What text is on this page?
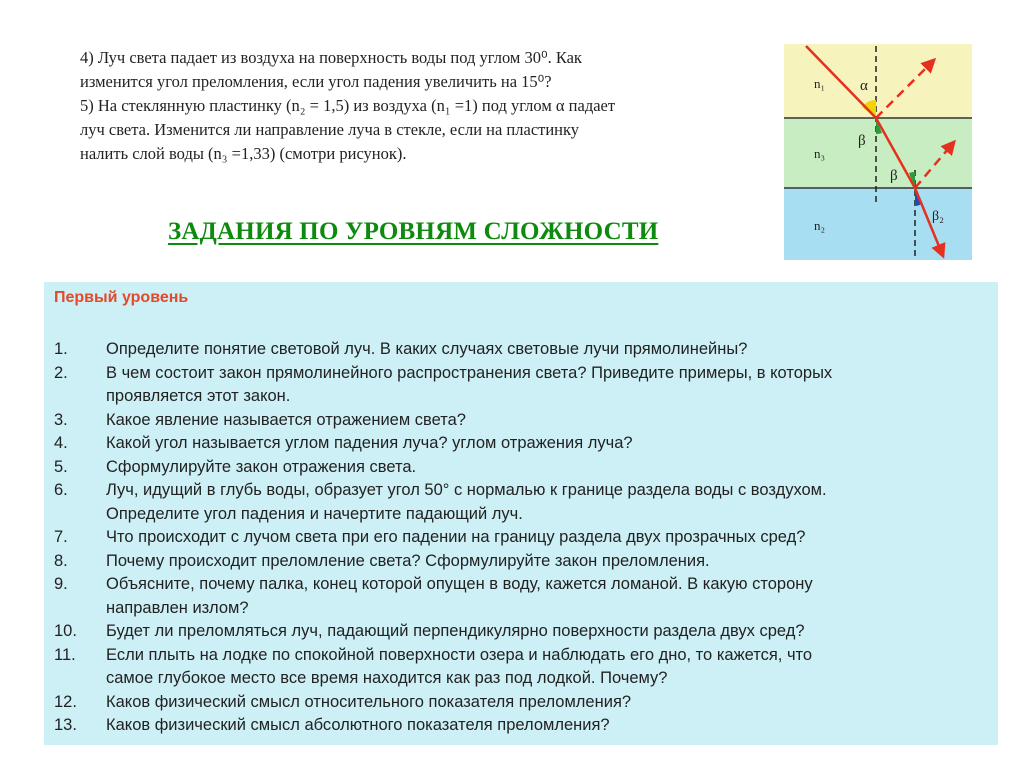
4) Луч света падает из воздуха на поверхность воды под углом 30⁰. Как

изменится угол преломления, если угол падения увеличить на 15⁰?

5) На стеклянную пластинку (n₂ = 1,5) из воздуха (n₁ =1) под углом α падает

луч света. Изменится ли направление луча в стекле, если на пластинку

налить слой воды (n₃ =1,33) (смотри рисунок).

ЗАДАНИЯ ПО УРОВНЯМ СЛОЖНОСТИ
n₁
n₃
n₂
α
β
β
β₂

Первый уровень

1.	Определите понятие световой луч. В каких случаях световые лучи прямолинейны?
2.	В чем состоит закон прямолинейного распространения света? Приведите примеры, в которых
проявляется этот закон.
3.	Какое явление называется отражением света?
4.	Какой угол называется углом падения луча? углом отражения луча?
5.	Сформулируйте закон отражения света.
6.	Луч, идущий в глубь воды, образует угол 50° с нормалью к границе раздела воды с воздухом.
Определите угол падения и начертите падающий луч.
7.	Что происходит с лучом света при его падении на границу раздела двух прозрачных сред?
8.	Почему происходит преломление света? Сформулируйте закон преломления.
9.	Объясните, почему палка, конец которой опущен в воду, кажется ломаной. В какую сторону
направлен излом?
10.	Будет ли преломляться луч, падающий перпендикулярно поверхности раздела двух сред?
11.	Если плыть на лодке по спокойной поверхности озера и наблюдать его дно, то кажется, что
самое глубокое место все время находится как раз под лодкой. Почему?
12.	Каков физический смысл относительного показателя преломления?
13.	Каков физический смысл абсолютного показателя преломления?
